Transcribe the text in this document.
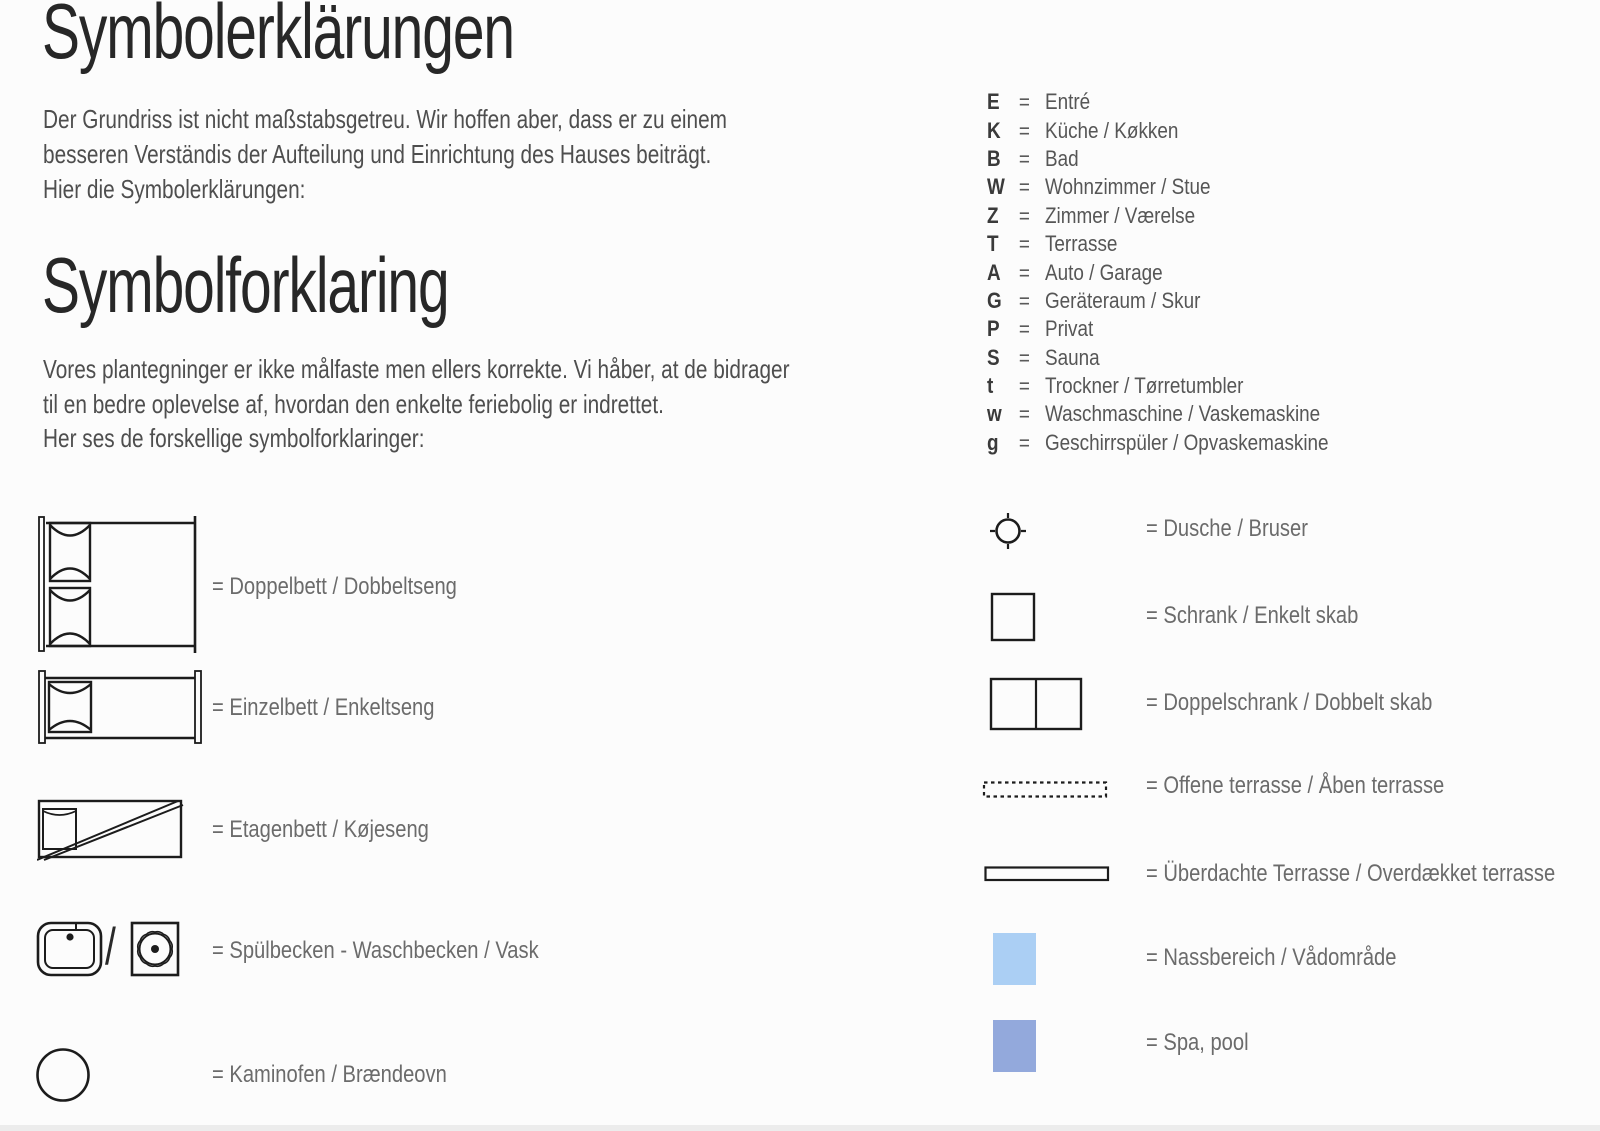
Symbolerklärungen
Der Grundriss ist nicht maßstabsgetreu. Wir hoffen aber, dass er zu einem
besseren Verständis der Aufteilung und Einrichtung des Hauses beiträgt.
Hier die Symbolerklärungen:
Symbolforklaring
Vores plantegninger er ikke målfaste men ellers korrekte. Vi håber, at de bidrager
til en bedre oplevelse af, hvordan den enkelte feriebolig er indrettet.
Her ses de forskellige symbolforklaringer:
E = Entré
K = Küche / Køkken
B = Bad
W = Wohnzimmer / Stue
Z = Zimmer / Værelse
T = Terrasse
A = Auto / Garage
G = Geräteraum / Skur
P = Privat
S = Sauna
t	= Trockner / Tørretumbler
w = Waschmaschine / Vaskemaskine
g = Geschirrspüler / Opvaskemaskine
= Doppelbett / Dobbeltseng
= Einzelbett / Enkeltseng
= Etagenbett / Køjeseng
/	= Spülbecken - Waschbecken / Vask
= Kaminofen / Brændeovn
= Dusche / Bruser
= Schrank / Enkelt skab
= Doppelschrank / Dobbelt skab
= Offene terrasse / Åben terrasse
= Überdachte Terrasse / Overdækket terrasse
= Nassbereich / Vådområde
= Spa, pool
